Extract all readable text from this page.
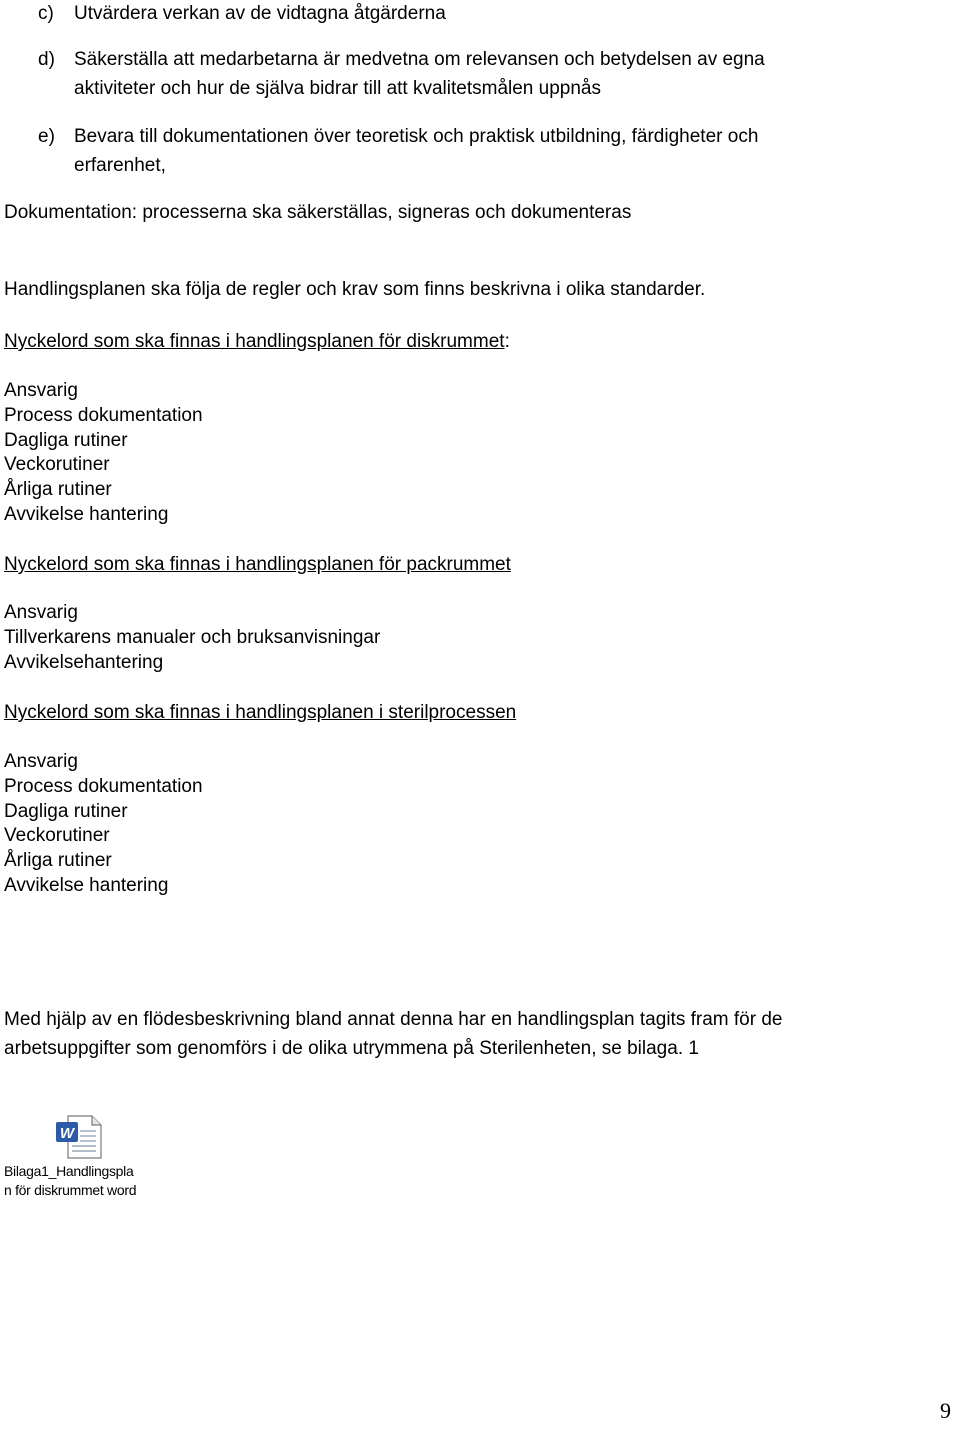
c) Utvärdera verkan av de vidtagna åtgärderna
d) Säkerställa att medarbetarna är medvetna om relevansen och betydelsen av egna
aktiviteter och hur de själva bidrar till att kvalitetsmålen uppnås
e) Bevara till dokumentationen över teoretisk och praktisk utbildning, färdigheter och
erfarenhet,
Dokumentation: processerna ska säkerställas, signeras och dokumenteras
Handlingsplanen ska följa de regler och krav som finns beskrivna i olika standarder.
Nyckelord som ska finnas i handlingsplanen för diskrummet:
Ansvarig
Process dokumentation
Dagliga rutiner
Veckorutiner
Årliga rutiner
Avvikelse hantering
Nyckelord som ska finnas i handlingsplanen för packrummet
Ansvarig
Tillverkarens manualer och bruksanvisningar
Avvikelsehantering
Nyckelord som ska finnas i handlingsplanen i sterilprocessen
Ansvarig
Process dokumentation
Dagliga rutiner
Veckorutiner
Årliga rutiner
Avvikelse hantering
Med hjälp av en flödesbeskrivning bland annat denna har en handlingsplan tagits fram för de
arbetsuppgifter som genomförs i de olika utrymmena på Sterilenheten, se bilaga. 1
W
Bilaga1_Handlingspla
n för diskrummet word
9
